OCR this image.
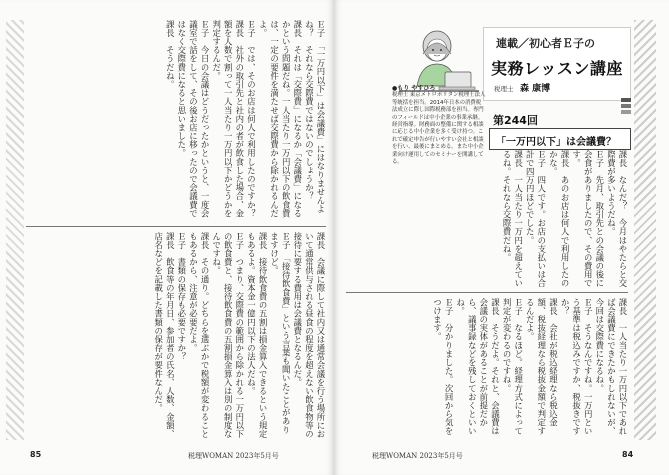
Ｅ子　「一万円以下」は会議費」にはなりませんよね？　それなら交際費ではないのでしょうか？
課長　それは「交際費」になるか「会議費」になるかという問題だね。一人当たり一万円以下の飲食費は、一定の要件を満たせば交際費から除かれるんだよ。
Ｅ子　では、そのお店は何人で利用したのですか？
課長　社外の取引先と社内の者が飲食した場合、金額を人数で割って一人当たり一万円以下かどうかを判定するんだ。
Ｅ子　今日の会議はどうだったかというと、一度会議室で話をして、その後お店に移ったので会議費ではなく交際費になると思いました。
課長　そうだね。
課長　会議に際して社内又は通常会議を行う場所において通常供与される昼食の程度を超えない飲食物等の接待に要する費用は会議費となるんだ。
Ｅ子　「接待飲食費」という言葉も聞いたことがありますけど。
課長　接待飲食費の五割は損金算入できるという規定もあるよ。資本金一億円以下の法人だね。
Ｅ子　つまり、交際費の範囲から除かれる一万円以下の飲食費と、接待飲食費の五割損金算入は別の制度なんですね。
課長　その通り。どちらを選ぶかで税額が変わることもあるから、注意が必要だよ。
Ｅ子　書類の保存も必要ですか？
課長　飲食等の年月日、参加者の氏名、人数、金額、店名などを記載した書類の保存が要件なんだ。
85	税理WOMAN 2023年5月号
連載／初心者Ｅ子の
実務レッスン講座
税理士 森 康博
●もり やすひろ
税理士 東京メトロポリタン税理士法人等統括を担当。2014年日本の消費税法成立に際し国際税務部を担当。専門のフィールドは中小企業の事業承継。経営指導。財務面の整備に関する相談に応じる中小企業を多く受け持つ。これで確定申告が行いやすい会社と相談を行い、最後にまとめる。また中小企業向け運用してのセミナーを開講してる。
第244回
「一万円以下」は会議費？
課長　なんだ？　今月はやたらと交際費が多いようだね。
Ｅ子　先月、取引先との会議の後に会食がありましたので、その費用です。
課長　あのお店は何人で利用したのかな。
Ｅ子　四人です。お店の支払いは合計で四万円ほどでした。
課長　一人当たり一万円を超えているね。それなら交際費だね。
課長　一人当たり一万円以下であれば会議費にできたかもしれないが、今回は交際費になるね。
Ｅ子　そうなんですね。一万円という基準は税込みですか、税抜きですか？
課長　会社が税込経理なら税込金額、税抜経理なら税抜金額で判定するんだよ。
Ｅ子　なるほど。経理方式によって判定が変わるのですね。
課長　そうだよ。それと、会議費は会議の実体があることが前提だから、議事録などを残しておくといいね。
Ｅ子　分かりました。次回から気をつけます。
税理WOMAN 2023年5月号	84
